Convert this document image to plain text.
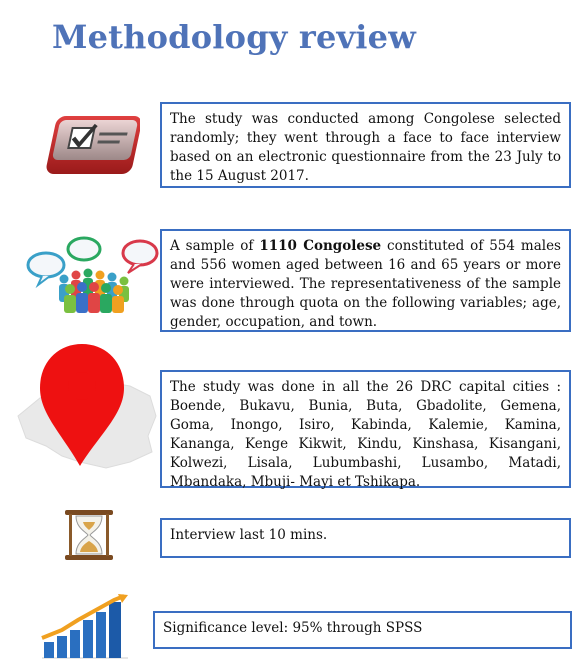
Methodology review
The study was conducted among Congolese selected randomly; they went through a face to face interview based on an electronic questionnaire from the 23 July to the 15 August 2017.
A sample of 1110 Congolese constituted of 554 males and 556 women aged between 16 and 65 years or more were interviewed. The representativeness of the sample was done through quota on the following variables; age, gender, occupation, and town.
The study was done in all the 26 DRC capital cities : Boende, Bukavu, Bunia, Buta, Gbadolite, Gemena, Goma, Inongo, Isiro, Kabinda, Kalemie, Kamina, Kananga, Kenge Kikwit, Kindu, Kinshasa, Kisangani, Kolwezi, Lisala, Lubumbashi, Lusambo, Matadi, Mbandaka, Mbuji- Mayi et Tshikapa.
Interview last 10 mins.
Significance level: 95% through SPSS
